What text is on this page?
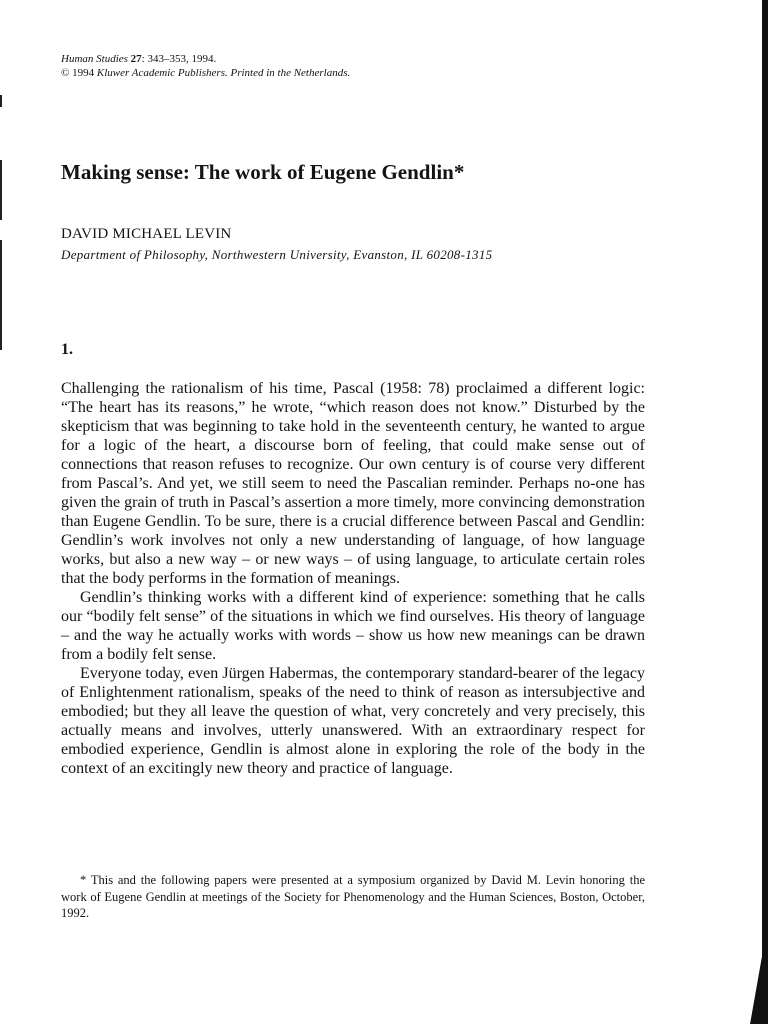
Human Studies 27: 343–353, 1994.
© 1994 Kluwer Academic Publishers. Printed in the Netherlands.
Making sense: The work of Eugene Gendlin*
DAVID MICHAEL LEVIN
Department of Philosophy, Northwestern University, Evanston, IL 60208-1315
1.

Challenging the rationalism of his time, Pascal (1958: 78) proclaimed a different logic: “The heart has its reasons,” he wrote, “which reason does not know.” Disturbed by the skepticism that was beginning to take hold in the seventeenth century, he wanted to argue for a logic of the heart, a discourse born of feeling, that could make sense out of connections that reason refuses to recognize. Our own century is of course very different from Pascal’s. And yet, we still seem to need the Pascalian reminder. Perhaps no-one has given the grain of truth in Pascal’s assertion a more timely, more convincing demonstration than Eugene Gendlin. To be sure, there is a crucial difference between Pascal and Gendlin: Gendlin’s work involves not only a new understanding of language, of how language works, but also a new way – or new ways – of using language, to articulate certain roles that the body performs in the formation of meanings.

Gendlin’s thinking works with a different kind of experience: something that he calls our “bodily felt sense” of the situations in which we find ourselves. His theory of language – and the way he actually works with words – show us how new meanings can be drawn from a bodily felt sense.

Everyone today, even Jürgen Habermas, the contemporary standard-bearer of the legacy of Enlightenment rationalism, speaks of the need to think of reason as intersubjective and embodied; but they all leave the question of what, very concretely and very precisely, this actually means and involves, utterly unanswered. With an extraordinary respect for embodied experience, Gendlin is almost alone in exploring the role of the body in the context of an excitingly new theory and practice of language.

* This and the following papers were presented at a symposium organized by David M. Levin honoring the work of Eugene Gendlin at meetings of the Society for Phenomenology and the Human Sciences, Boston, October, 1992.
